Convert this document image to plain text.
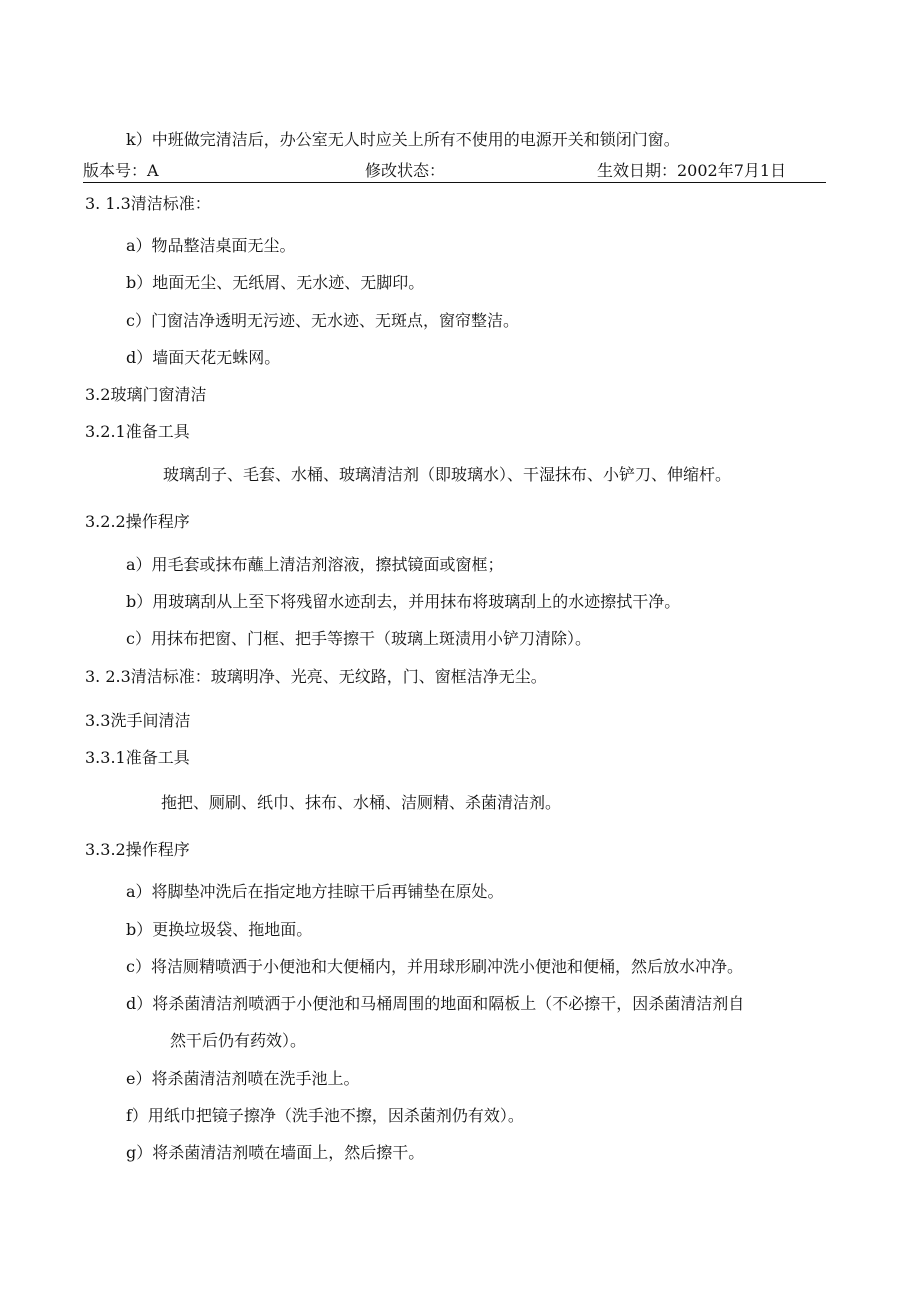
k）中班做完清洁后，办公室无人时应关上所有不使用的电源开关和锁闭门窗。
版本号：A	修改状态：	生效日期：2002年7月1日
3. 1.3清洁标准：
a）物品整洁桌面无尘。
b）地面无尘、无纸屑、无水迹、无脚印。
c）门窗洁净透明无污迹、无水迹、无斑点，窗帘整洁。
d）墙面天花无蛛网。
3.2玻璃门窗清洁
3.2.1准备工具
玻璃刮子、毛套、水桶、玻璃清洁剂（即玻璃水）、干湿抹布、小铲刀、伸缩杆。
3.2.2操作程序
a）用毛套或抹布蘸上清洁剂溶液，擦拭镜面或窗框；
b）用玻璃刮从上至下将残留水迹刮去，并用抹布将玻璃刮上的水迹擦拭干净。
c）用抹布把窗、门框、把手等擦干（玻璃上斑渍用小铲刀清除）。
3. 2.3清洁标准：玻璃明净、光亮、无纹路，门、窗框洁净无尘。
3.3洗手间清洁
3.3.1准备工具
拖把、厕刷、纸巾、抹布、水桶、洁厕精、杀菌清洁剂。
3.3.2操作程序
a）将脚垫冲洗后在指定地方挂晾干后再铺垫在原处。
b）更换垃圾袋、拖地面。
c）将洁厕精喷洒于小便池和大便桶内，并用球形刷冲洗小便池和便桶，然后放水冲净。
d）将杀菌清洁剂喷洒于小便池和马桶周围的地面和隔板上（不必擦干，因杀菌清洁剂自
然干后仍有药效）。
e）将杀菌清洁剂喷在洗手池上。
f）用纸巾把镜子擦净（洗手池不擦，因杀菌剂仍有效）。
g）将杀菌清洁剂喷在墙面上，然后擦干。
